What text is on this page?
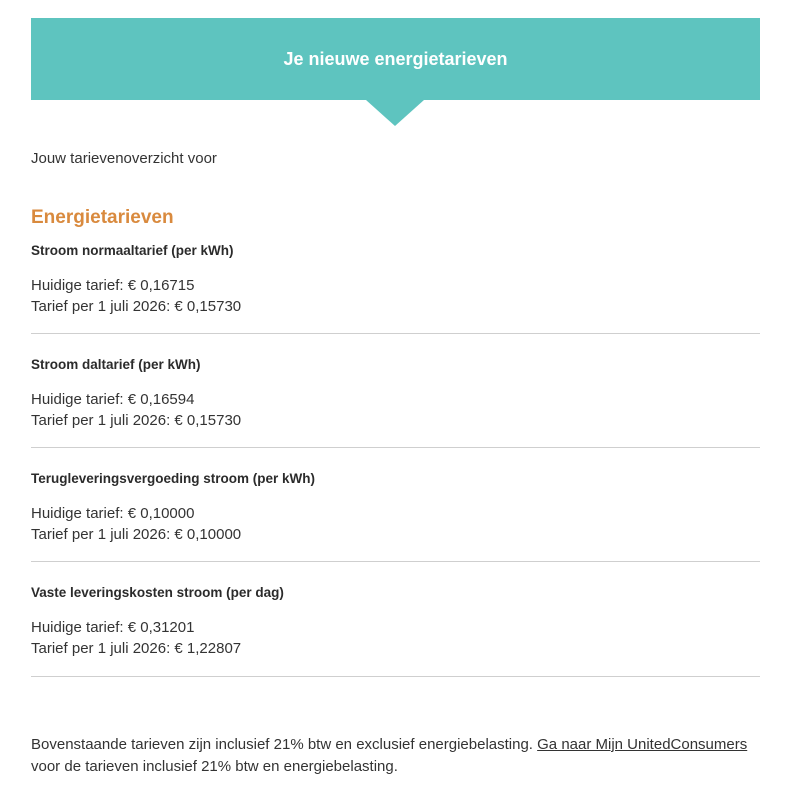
Je nieuwe energietarieven
Jouw tarievenoverzicht voor
Energietarieven
Stroom normaaltarief (per kWh)
Huidige tarief: € 0,16715
Tarief per 1 juli 2026: € 0,15730
Stroom daltarief (per kWh)
Huidige tarief: € 0,16594
Tarief per 1 juli 2026: € 0,15730
Terugleveringsvergoeding stroom (per kWh)
Huidige tarief: € 0,10000
Tarief per 1 juli 2026: € 0,10000
Vaste leveringskosten stroom (per dag)
Huidige tarief: € 0,31201
Tarief per 1 juli 2026: € 1,22807
Bovenstaande tarieven zijn inclusief 21% btw en exclusief energiebelasting. Ga naar Mijn UnitedConsumers voor de tarieven inclusief 21% btw en energiebelasting.
